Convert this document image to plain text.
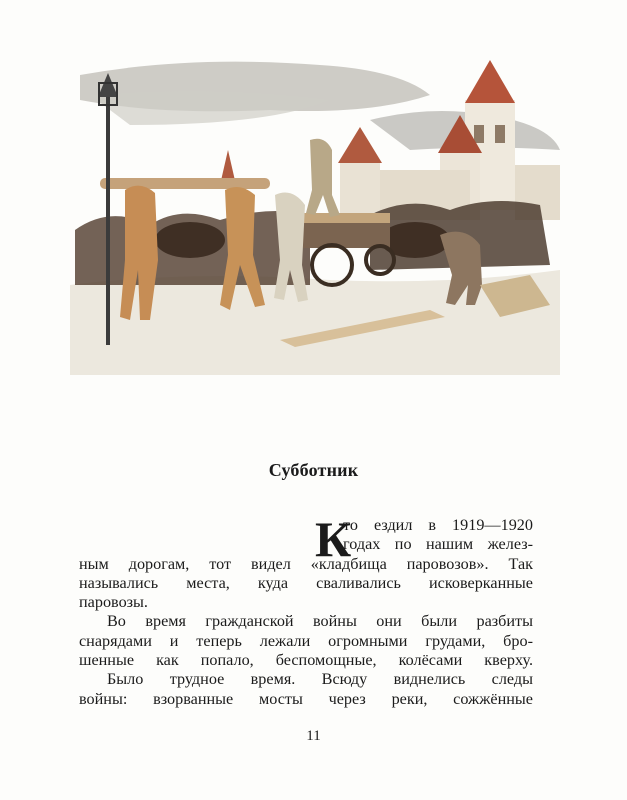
Субботник
К
то ездил в 1919—1920
годах по нашим желез-
ным дорогам, тот видел «кладбища паровозов». Так
назывались места, куда сваливались исковерканные
паровозы.
Во время гражданской войны они были разбиты
снарядами и теперь лежали огромными грудами, бро-
шенные как попало, беспомощные, колёсами кверху.
Было трудное время. Всюду виднелись следы
войны: взорванные мосты через реки, сожжённые
11
